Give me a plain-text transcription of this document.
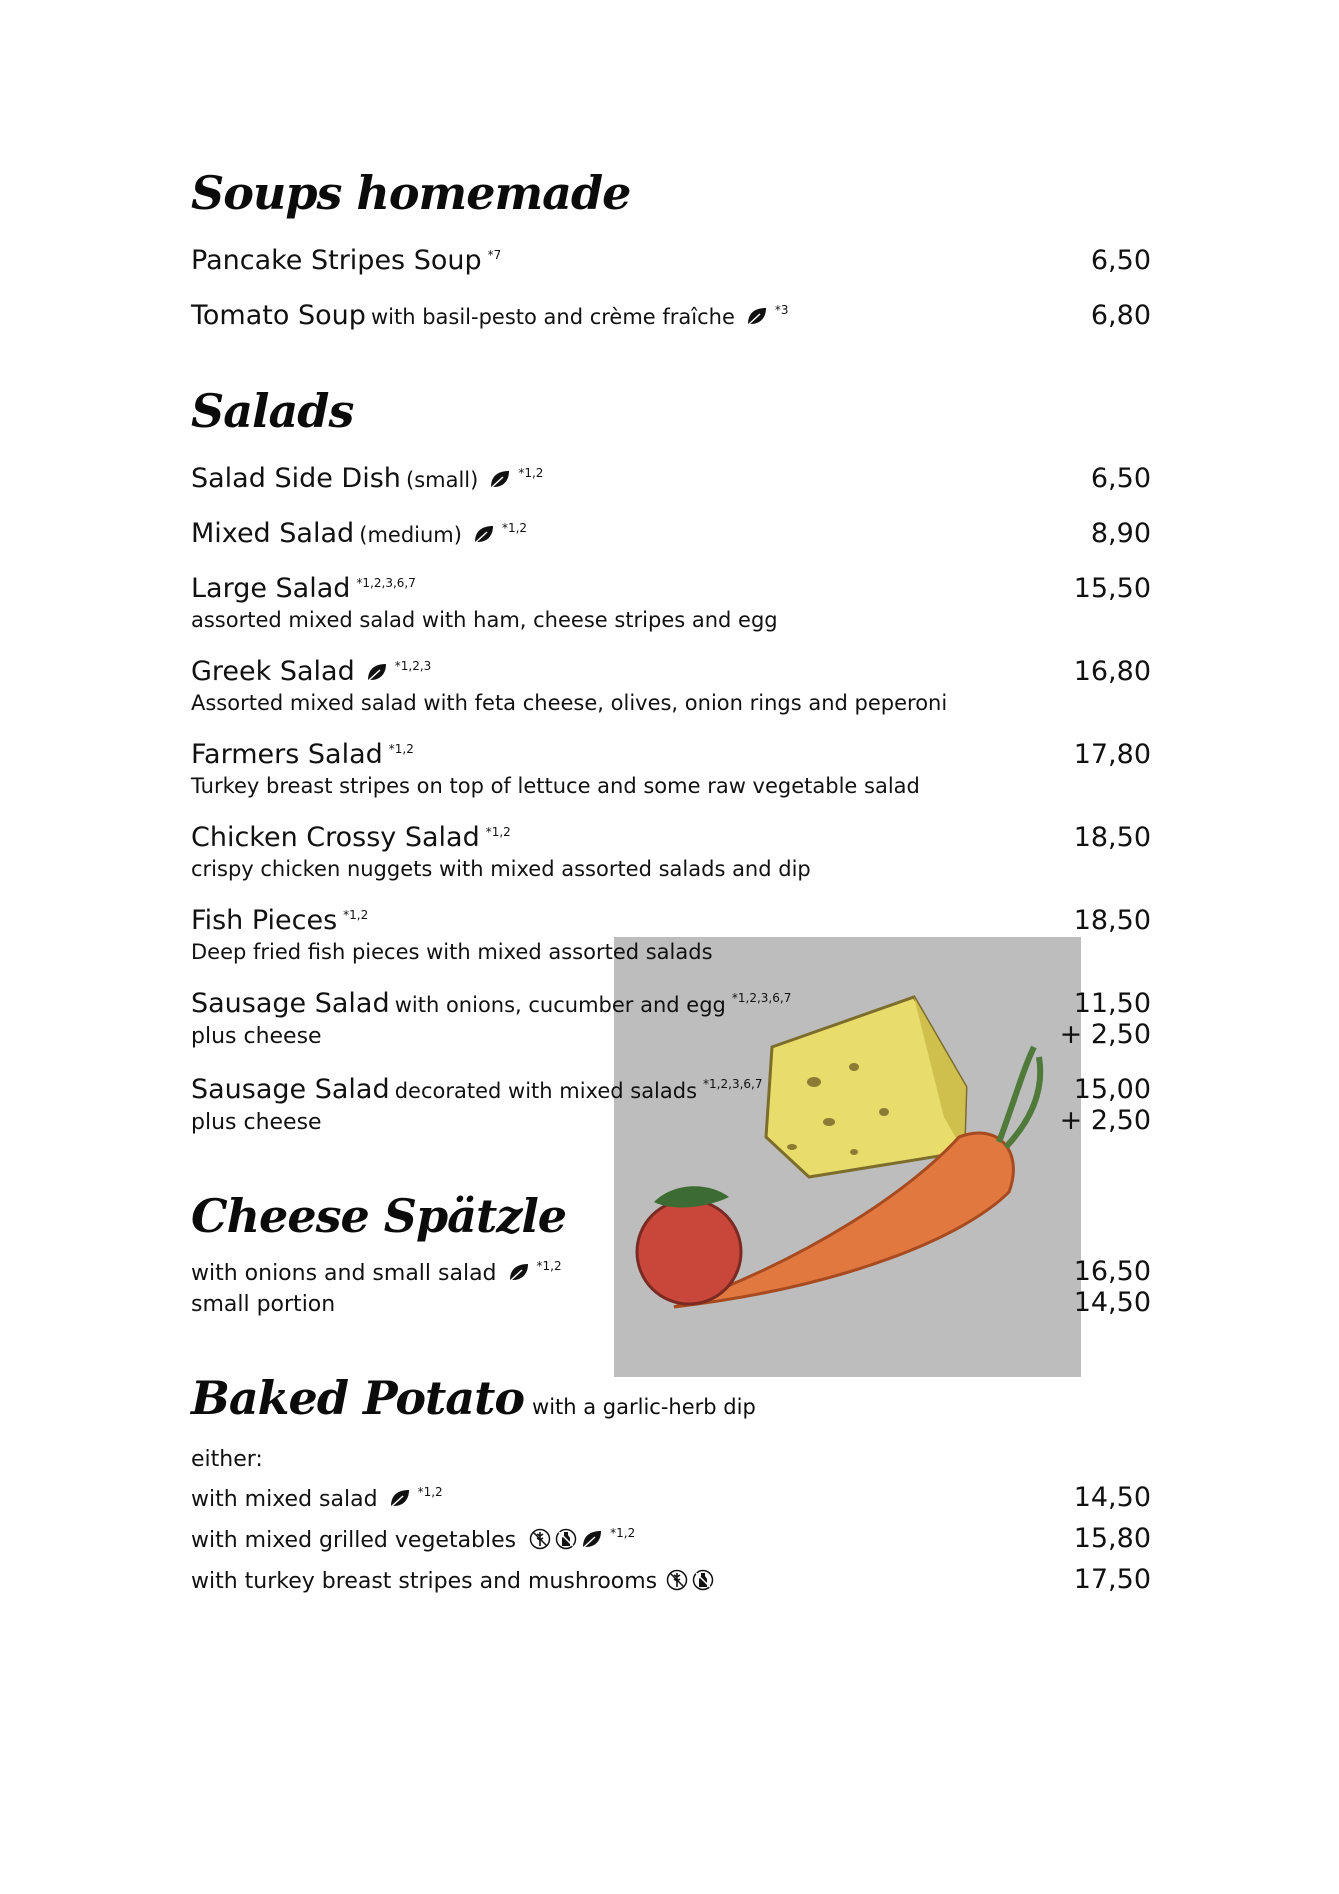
Soups homemade
Pancake Stripes Soup $^{*7}$	6,50
Tomato Soup with basil-pesto and crème fraîche	$^{*3}$	6,80
Salads
Salad Side Dish (small)	$^{*1,2}$	6,50
Mixed Salad (medium)	$^{*1,2}$	8,90
Large Salad $^{*1,2,3,6,7}$	15,50
assorted mixed salad with ham, cheese stripes and egg
Greek Salad	$^{*1,2,3}$	16,80
Assorted mixed salad with feta cheese, olives, onion rings and peperoni
Farmers Salad $^{*1,2}$	17,80
Turkey breast stripes on top of lettuce and some raw vegetable salad
Chicken Crossy Salad $^{*1,2}$	18,50
crispy chicken nuggets with mixed assorted salads and dip
Fish Pieces $^{*1,2}$	18,50
Deep fried fish pieces with mixed assorted salads
Sausage Salad with onions, cucumber and egg $^{*1,2,3,6,7}$	11,50
plus cheese	+ 2,50
Sausage Salad decorated with mixed salads $^{*1,2,3,6,7}$	15,00
plus cheese	+ 2,50
Cheese Spätzle
with onions and small salad	$^{*1,2}$	16,50
small portion	14,50
Baked Potato with a garlic-herb dip
either:
with mixed salad	$^{*1,2}$	14,50
with mixed grilled vegetables	$^{*1,2}$	15,80
with turkey breast stripes and mushrooms	17,50
